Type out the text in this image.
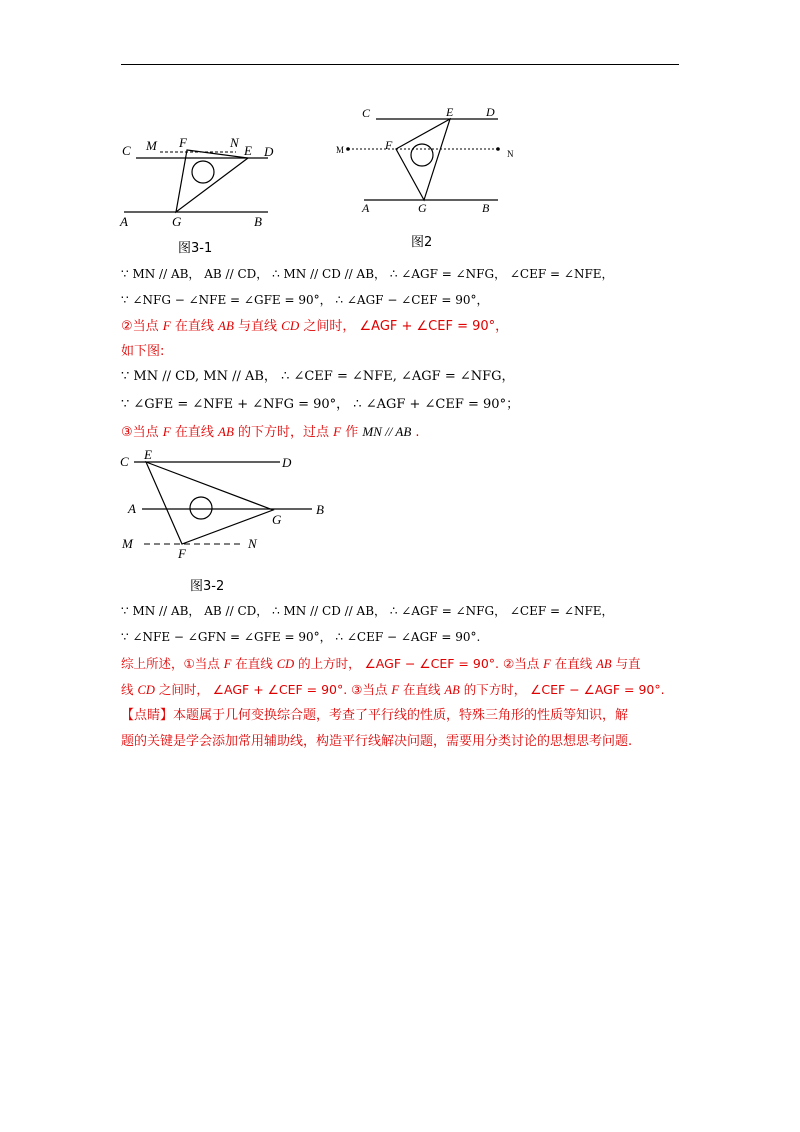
C M F	N
E D
A	G	B
图3-1
C	E	D
M	F
N
A	G	B
图2
∵ MN // AB， AB // CD， ∴ MN // CD // AB， ∴ ∠AGF = ∠NFG， ∠CEF = ∠NFE，
∵ ∠NFG − ∠NFE = ∠GFE = 90°， ∴ ∠AGF − ∠CEF = 90°，
②当点 F 在直线 AB 与直线 CD 之间时， ∠AGF + ∠CEF = 90°，
如下图:
∵ MN // CD, MN // AB， ∴ ∠CEF = ∠NFE, ∠AGF = ∠NFG，
∵ ∠GFE = ∠NFE + ∠NFG = 90°， ∴ ∠AGF + ∠CEF = 90°；
③当点 F 在直线 AB 的下方时，过点 F 作 MN // AB .
C E
D
A
G
B
M
F
N
图3-2
∵ MN // AB， AB // CD， ∴ MN // CD // AB， ∴ ∠AGF = ∠NFG， ∠CEF = ∠NFE，
∵ ∠NFE − ∠GFN = ∠GFE = 90°， ∴ ∠CEF − ∠AGF = 90°.
综上所述，①当点 F 在直线 CD 的上方时， ∠AGF − ∠CEF = 90°. ②当点 F 在直线 AB 与直
线 CD 之间时， ∠AGF + ∠CEF = 90°. ③当点 F 在直线 AB 的下方时， ∠CEF − ∠AGF = 90°.
【点睛】本题属于几何变换综合题，考查了平行线的性质，特殊三角形的性质等知识，解
题的关键是学会添加常用辅助线，构造平行线解决问题，需要用分类讨论的思想思考问题.
